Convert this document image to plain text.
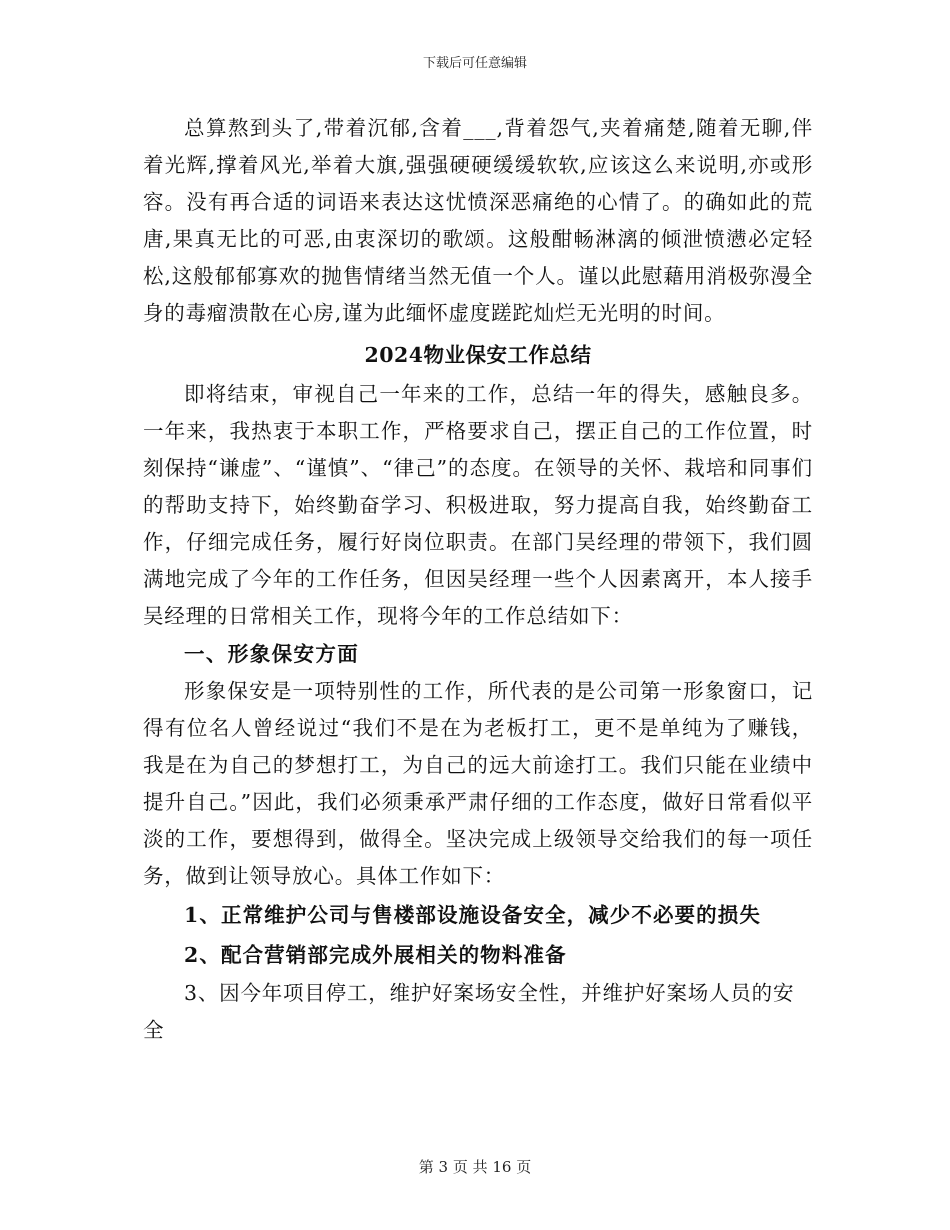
下载后可任意编辑

总算熬到头了,带着沉郁,含着___,背着怨气,夹着痛楚,随着无聊,伴着光辉,撑着风光,举着大旗,强强硬硬缓缓软软,应该这么来说明,亦或形容。没有再合适的词语来表达这忧愤深恶痛绝的心情了。的确如此的荒唐,果真无比的可恶,由衷深切的歌颂。这般酣畅淋漓的倾泄愤懑必定轻松,这般郁郁寡欢的抛售情绪当然无值一个人。谨以此慰藉用消极弥漫全身的毒瘤溃散在心房,谨为此缅怀虚度蹉跎灿烂无光明的时间。

2024物业保安工作总结

即将结束，审视自己一年来的工作，总结一年的得失，感触良多。一年来，我热衷于本职工作，严格要求自己，摆正自己的工作位置，时刻保持“谦虚”、“谨慎”、“律己”的态度。在领导的关怀、栽培和同事们的帮助支持下，始终勤奋学习、积极进取，努力提高自我，始终勤奋工作，仔细完成任务，履行好岗位职责。在部门吴经理的带领下，我们圆满地完成了今年的工作任务，但因吴经理一些个人因素离开，本人接手吴经理的日常相关工作，现将今年的工作总结如下：

一、形象保安方面

形象保安是一项特别性的工作，所代表的是公司第一形象窗口，记得有位名人曾经说过“我们不是在为老板打工，更不是单纯为了赚钱，我是在为自己的梦想打工，为自己的远大前途打工。我们只能在业绩中提升自己。”因此，我们必须秉承严肃仔细的工作态度，做好日常看似平淡的工作，要想得到，做得全。坚决完成上级领导交给我们的每一项任务，做到让领导放心。具体工作如下：

1、正常维护公司与售楼部设施设备安全，减少不必要的损失
2、配合营销部完成外展相关的物料准备
3、因今年项目停工，维护好案场安全性，并维护好案场人员的安全
第 3 页 共 16 页
